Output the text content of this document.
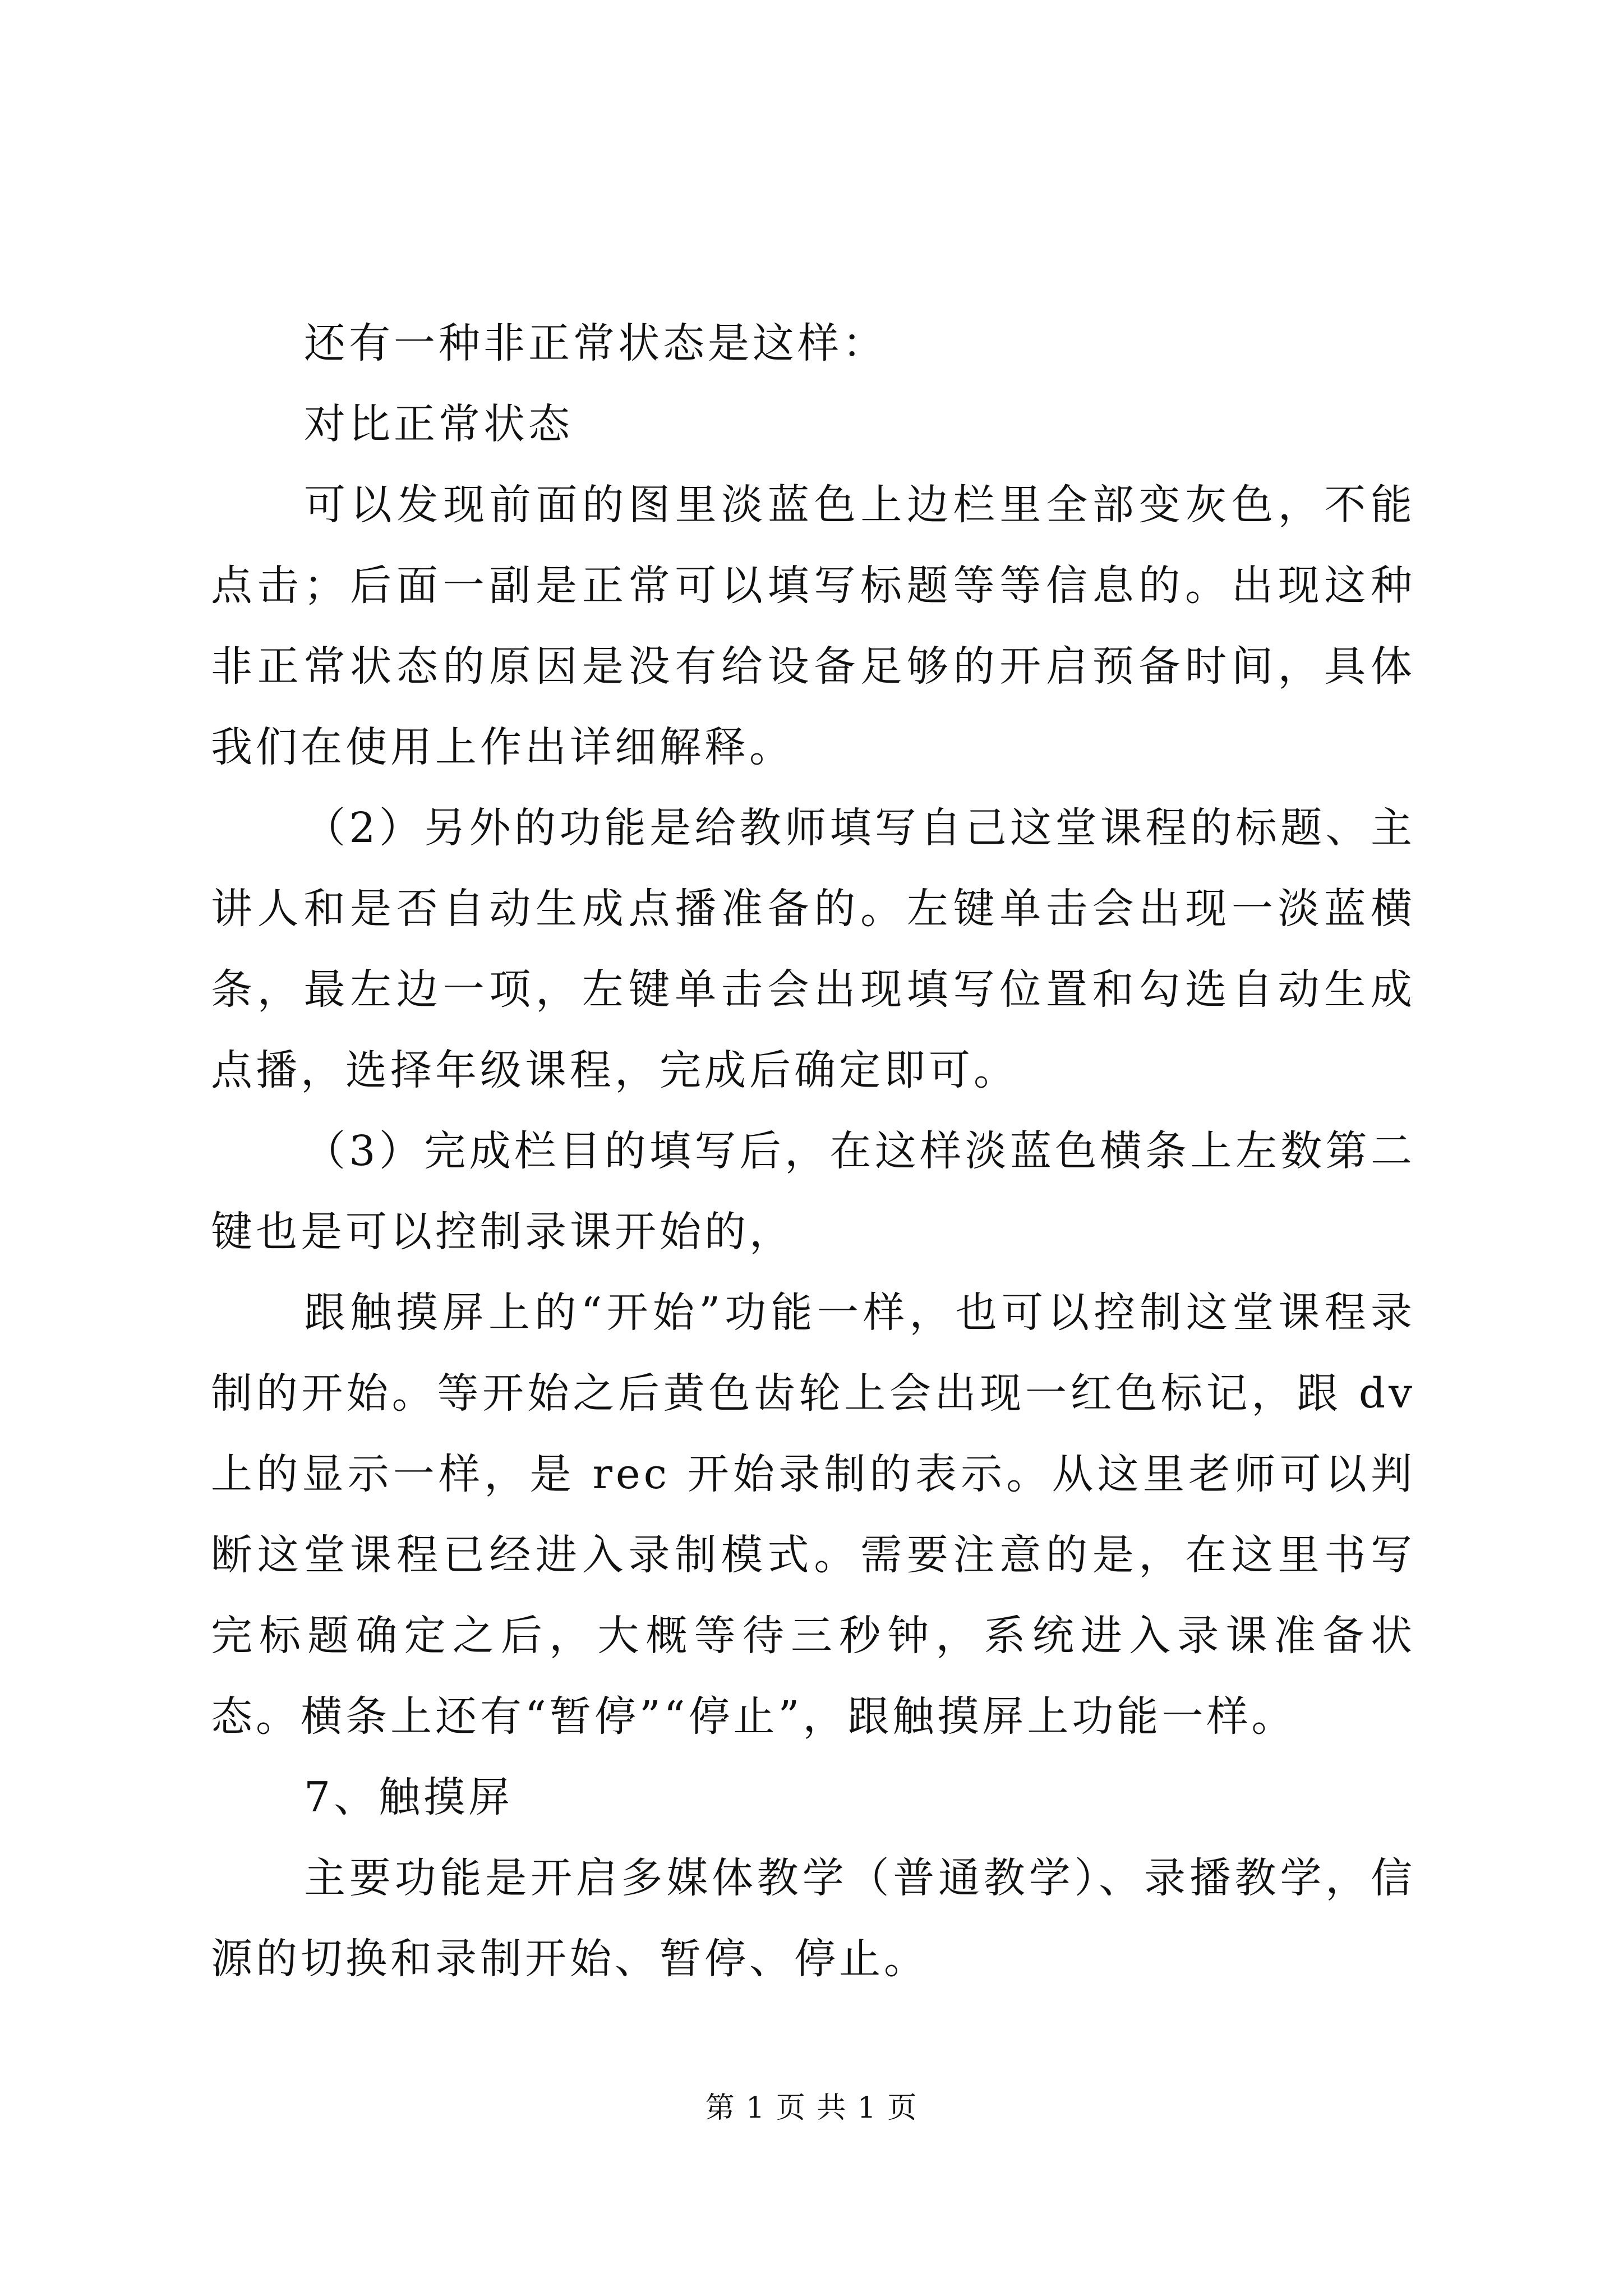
还有一种非正常状态是这样：

对比正常状态

可以发现前面的图里淡蓝色上边栏里全部变灰色，不能点击；后面一副是正常可以填写标题等等信息的。出现这种非正常状态的原因是没有给设备足够的开启预备时间，具体我们在使用上作出详细解释。

（2）另外的功能是给教师填写自己这堂课程的标题、主讲人和是否自动生成点播准备的。左键单击会出现一淡蓝横条，最左边一项，左键单击会出现填写位置和勾选自动生成点播，选择年级课程，完成后确定即可。

（3）完成栏目的填写后，在这样淡蓝色横条上左数第二键也是可以控制录课开始的，

跟触摸屏上的“开始”功能一样，也可以控制这堂课程录制的开始。等开始之后黄色齿轮上会出现一红色标记，跟 dv 上的显示一样，是 rec 开始录制的表示。从这里老师可以判断这堂课程已经进入录制模式。需要注意的是，在这里书写完标题确定之后，大概等待三秒钟，系统进入录课准备状态。横条上还有“暂停”“停止”，跟触摸屏上功能一样。

7、触摸屏

主要功能是开启多媒体教学（普通教学）、录播教学，信源的切换和录制开始、暂停、停止。

第 1 页 共 1 页
